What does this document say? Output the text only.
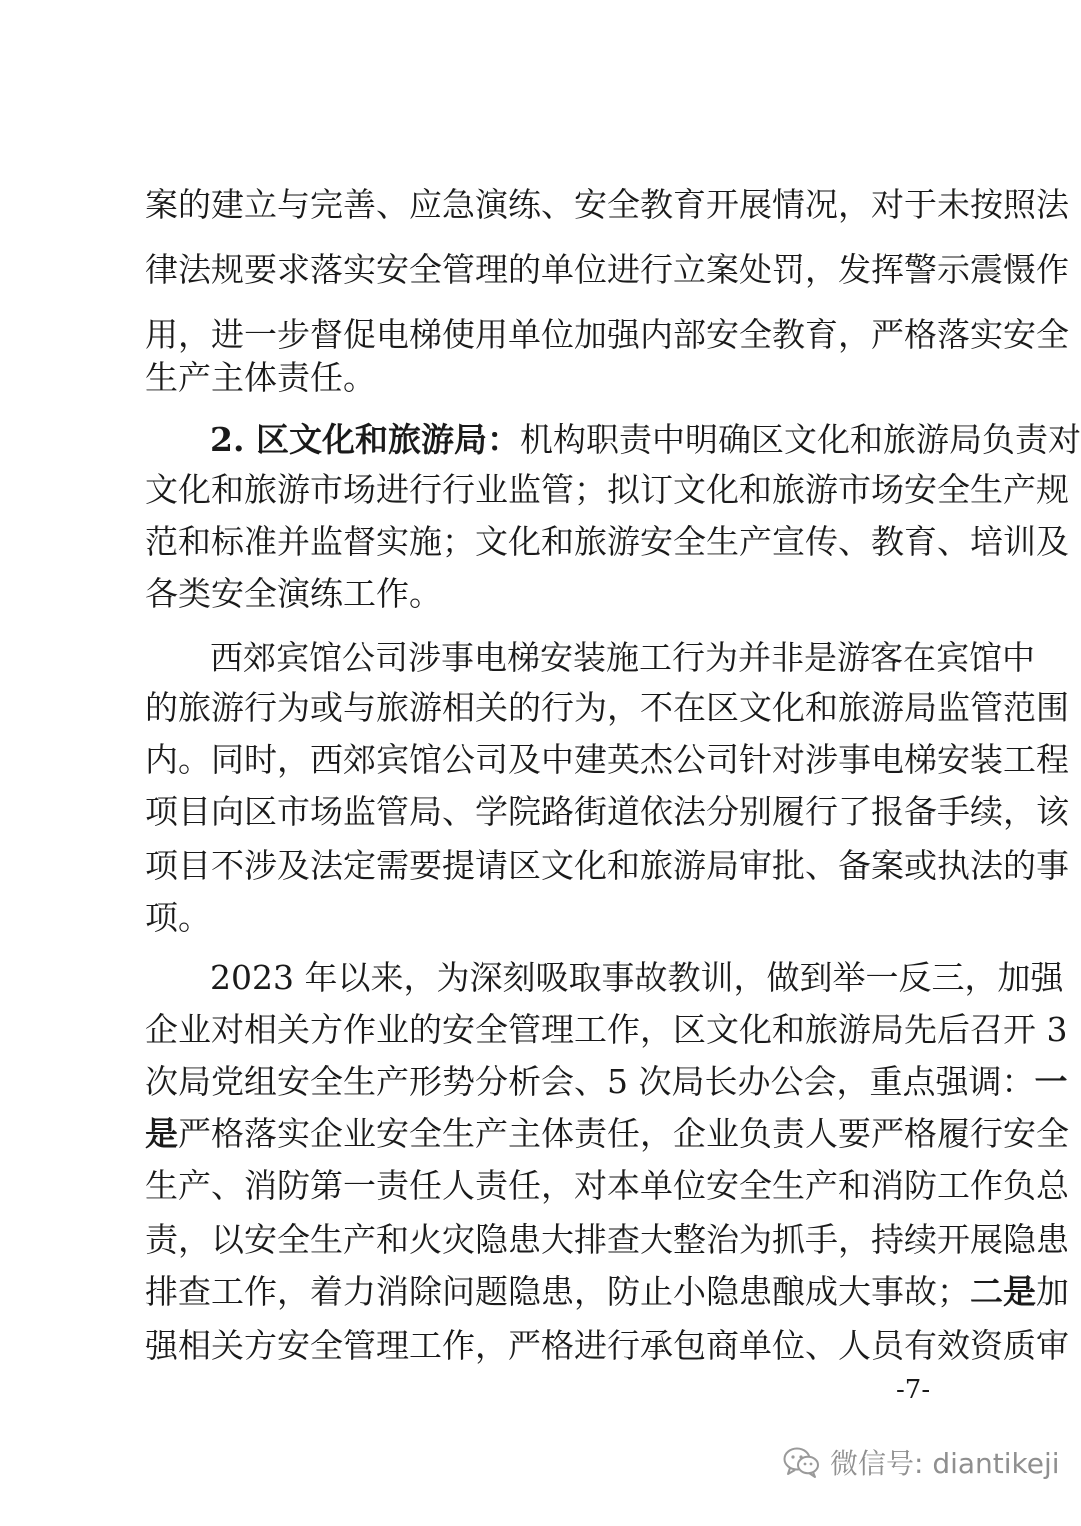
案的建立与完善、应急演练、安全教育开展情况，对于未按照法
律法规要求落实安全管理的单位进行立案处罚，发挥警示震慑作
用，进一步督促电梯使用单位加强内部安全教育，严格落实安全
生产主体责任。
2. 区文化和旅游局：机构职责中明确区文化和旅游局负责对
文化和旅游市场进行行业监管；拟订文化和旅游市场安全生产规
范和标准并监督实施；文化和旅游安全生产宣传、教育、培训及
各类安全演练工作。
西郊宾馆公司涉事电梯安装施工行为并非是游客在宾馆中
的旅游行为或与旅游相关的行为，不在区文化和旅游局监管范围
内。同时，西郊宾馆公司及中建英杰公司针对涉事电梯安装工程
项目向区市场监管局、学院路街道依法分别履行了报备手续，该
项目不涉及法定需要提请区文化和旅游局审批、备案或执法的事
项。
2023 年以来，为深刻吸取事故教训，做到举一反三，加强
企业对相关方作业的安全管理工作，区文化和旅游局先后召开 3
次局党组安全生产形势分析会、5 次局长办公会，重点强调：一
是严格落实企业安全生产主体责任，企业负责人要严格履行安全
生产、消防第一责任人责任，对本单位安全生产和消防工作负总
责，以安全生产和火灾隐患大排查大整治为抓手，持续开展隐患
排查工作，着力消除问题隐患，防止小隐患酿成大事故；二是加
强相关方安全管理工作，严格进行承包商单位、人员有效资质审
-7-
微信号: diantikeji
